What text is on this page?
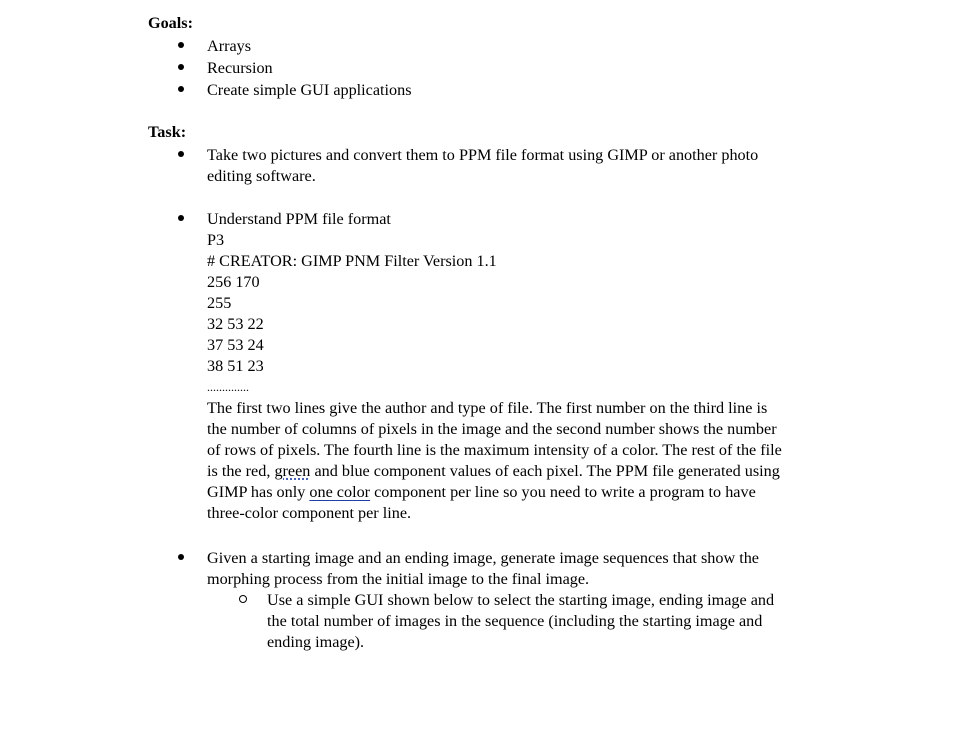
Goals:
Arrays
Recursion
Create simple GUI applications
Task:
Take two pictures and convert them to PPM file format using GIMP or another photo
editing software.
Understand PPM file format
P3
# CREATOR: GIMP PNM Filter Version 1.1
256 170
255
32 53 22
37 53 24
38 51 23
..............
The first two lines give the author and type of file. The first number on the third line is
the number of columns of pixels in the image and the second number shows the number
of rows of pixels. The fourth line is the maximum intensity of a color. The rest of the file
is the red, green and blue component values of each pixel. The PPM file generated using
GIMP has only one color component per line so you need to write a program to have
three-color component per line.
Given a starting image and an ending image, generate image sequences that show the
morphing process from the initial image to the final image.
Use a simple GUI shown below to select the starting image, ending image and
the total number of images in the sequence (including the starting image and
ending image).
